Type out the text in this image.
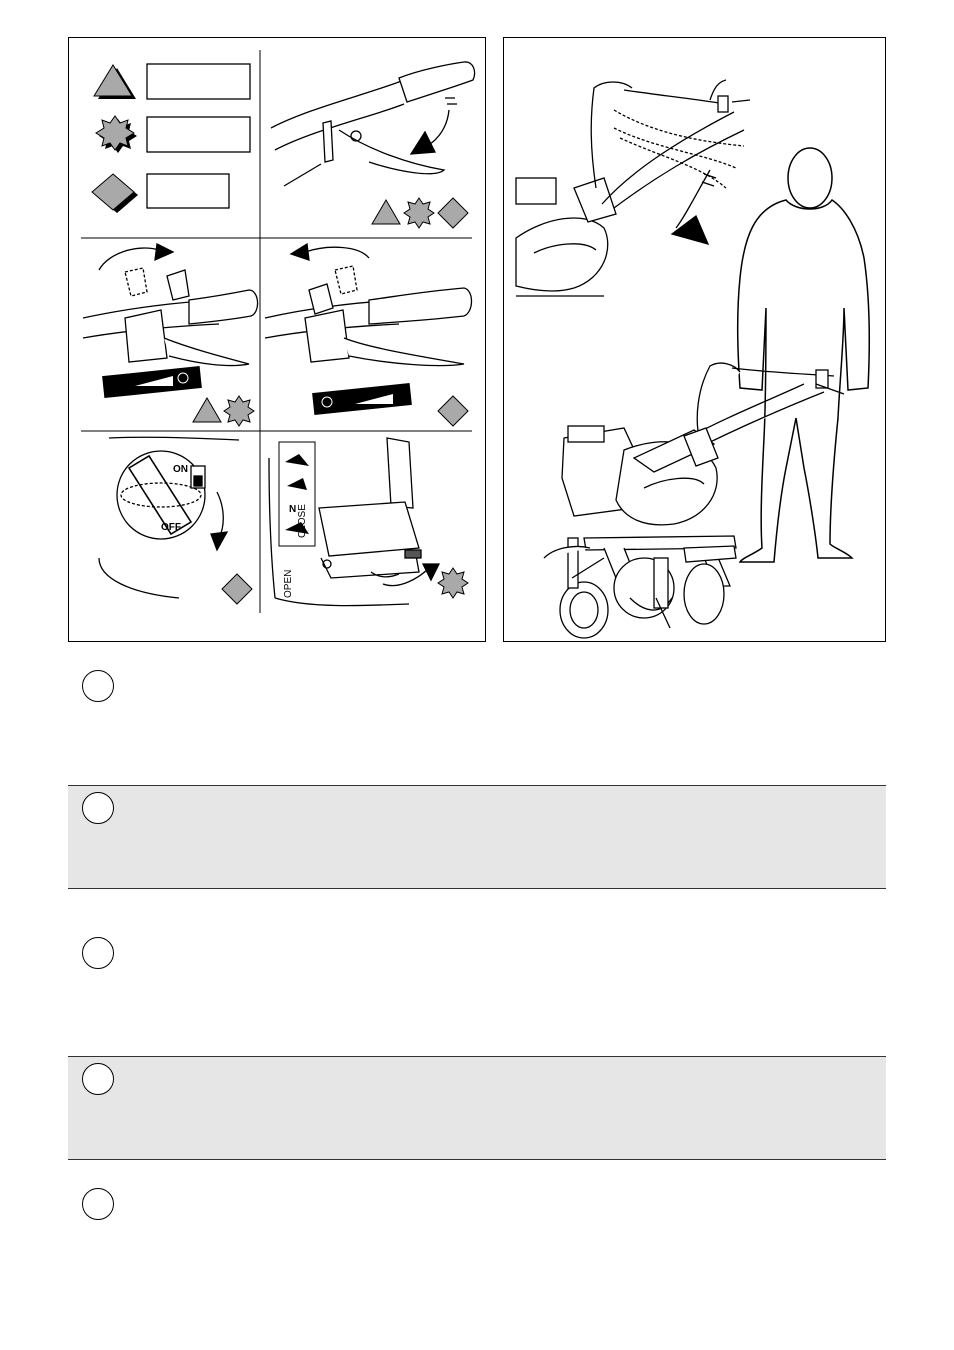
ON
OFF
N CLOSE
OPEN
